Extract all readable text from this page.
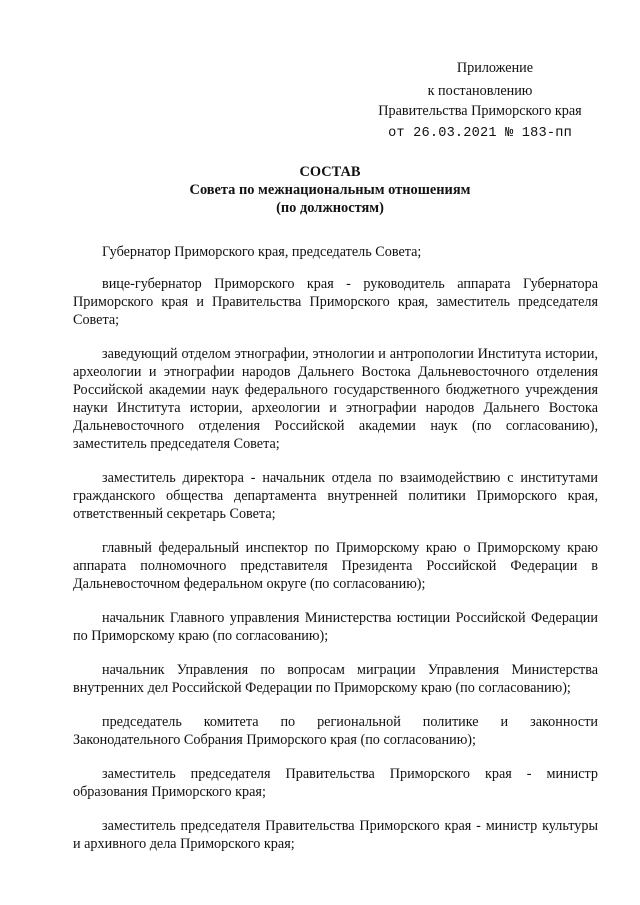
Приложение
к постановлению
Правительства Приморского края
от 26.03.2021 № 183-пп
СОСТАВ
Совета по межнациональным отношениям
(по должностям)

Губернатор Приморского края, председатель Совета;

вице-губернатор Приморского края - руководитель аппарата Губернатора Приморского края и Правительства Приморского края, заместитель председателя Совета;

заведующий отделом этнографии, этнологии и антропологии Института истории, археологии и этнографии народов Дальнего Востока Дальневосточного отделения Российской академии наук федерального государственного бюджетного учреждения науки Института истории, археологии и этнографии народов Дальнего Востока Дальневосточного отделения Российской академии наук (по согласованию), заместитель председателя Совета;

заместитель директора - начальник отдела по взаимодействию с институтами гражданского общества департамента внутренней политики Приморского края, ответственный секретарь Совета;

главный федеральный инспектор по Приморскому краю о Приморскому краю аппарата полномочного представителя Президента Российской Федерации в Дальневосточном федеральном округе (по согласованию);

начальник Главного управления Министерства юстиции Российской Федерации по Приморскому краю (по согласованию);

начальник Управления по вопросам миграции Управления Министерства внутренних дел Российской Федерации по Приморскому краю (по согласованию);

председатель комитета по региональной политике и законности Законодательного Собрания Приморского края (по согласованию);

заместитель председателя Правительства Приморского края - министр образования Приморского края;

заместитель председателя Правительства Приморского края - министр культуры и архивного дела Приморского края;
